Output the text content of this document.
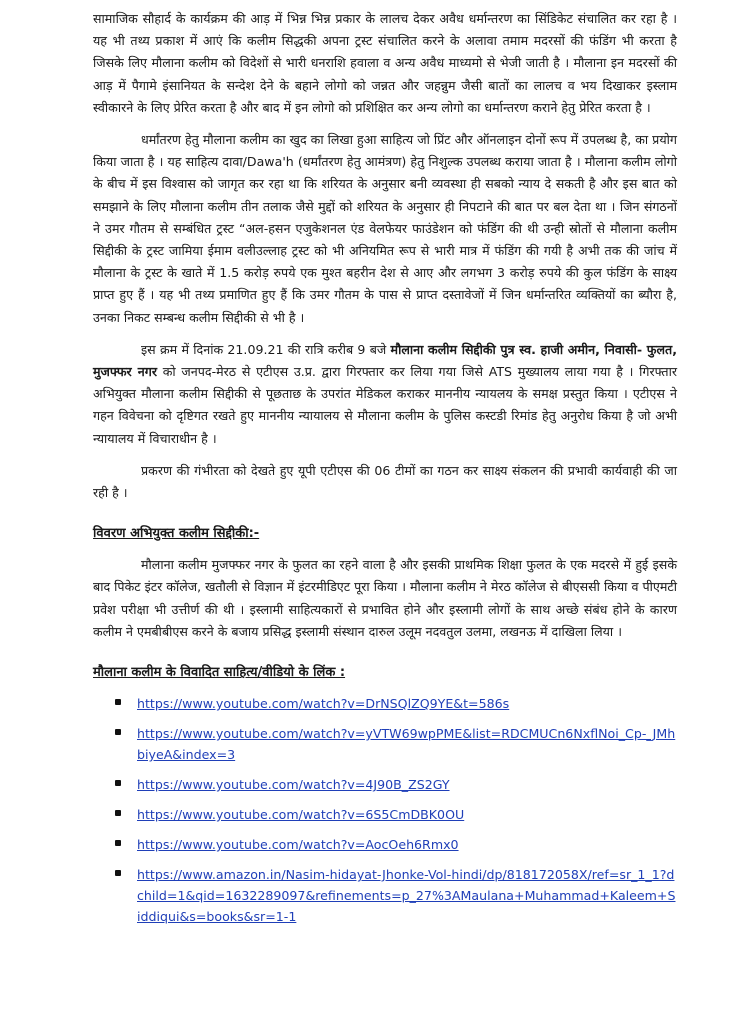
सामाजिक सौहार्द के कार्यक्रम की आड़ में भिन्न भिन्न प्रकार के लालच देकर अवैध धर्मान्तरण का सिंडिकेट संचालित कर रहा है । यह भी तथ्य प्रकाश में आएं कि कलीम सिद्धकी अपना ट्रस्ट संचालित करने के अलावा तमाम मदरसों की फंडिंग भी करता है जिसके लिए मौलाना कलीम को विदेशों से भारी धनराशि हवाला व अन्य अवैध माध्यमो से भेजी जाती है । मौलाना इन मदरसों की आड़ में पैगामे इंसानियत के सन्देश देने के बहाने लोगो को जन्नत और जहन्नुम जैसी बातों का लालच व भय दिखाकर इस्लाम स्वीकारने के लिए प्रेरित करता है और बाद में इन लोगो को प्रशिक्षित कर अन्य लोगो का धर्मान्तरण कराने हेतु प्रेरित करता है ।

धर्मांतरण हेतु मौलाना कलीम का खुद का लिखा हुआ साहित्य जो प्रिंट और ऑनलाइन दोनों रूप में उपलब्ध है, का प्रयोग किया जाता है । यह साहित्य दावा/Dawa'h (धर्मांतरण हेतु आमंत्रण) हेतु निशुल्क उपलब्ध कराया जाता है । मौलाना कलीम लोगो के बीच में इस विश्वास को जागृत कर रहा था कि शरियत के अनुसार बनी व्यवस्था ही सबको न्याय दे सकती है और इस बात को समझाने के लिए मौलाना कलीम तीन तलाक जैसे मुद्दों को शरियत के अनुसार ही निपटाने की बात पर बल देता था । जिन संगठनों ने उमर गौतम से सम्बंधित ट्रस्ट “अल-हसन एजुकेशनल एंड वेलफेयर फाउंडेशन को फंडिंग की थी उन्ही स्रोतों से मौलाना कलीम सिद्दीकी के ट्रस्ट जामिया ईमाम वलीउल्लाह ट्रस्ट को भी अनियमित रूप से भारी मात्र में फंडिंग की गयी है अभी तक की जांच में मौलाना के ट्रस्ट के खाते में 1.5 करोड़ रुपये एक मुश्त बहरीन देश से आए और लगभग 3 करोड़ रुपये की कुल फंडिंग के साक्ष्य प्राप्त हुए हैं । यह भी तथ्य प्रमाणित हुए हैं कि उमर गौतम के पास से प्राप्त दस्तावेजों में जिन धर्मान्तरित व्यक्तियों का ब्यौरा है, उनका निकट सम्बन्ध कलीम सिद्दीकी से भी है ।

इस क्रम में दिनांक 21.09.21 की रात्रि करीब 9 बजे मौलाना कलीम सिद्दीकी पुत्र स्व. हाजी अमीन, निवासी- फुलत, मुजफ्फर नगर को जनपद-मेरठ से एटीएस उ.प्र. द्वारा गिरफ्तार कर लिया गया जिसे ATS मुख्यालय लाया गया है । गिरफ्तार अभियुक्त मौलाना कलीम सिद्दीकी से पूछताछ के उपरांत मेडिकल कराकर माननीय न्यायलय के समक्ष प्रस्तुत किया । एटीएस ने गहन विवेचना को दृष्टिगत रखते हुए माननीय न्यायालय से मौलाना कलीम के पुलिस कस्टडी रिमांड हेतु अनुरोध किया है जो अभी न्यायालय में विचाराधीन है ।

प्रकरण की गंभीरता को देखते हुए यूपी एटीएस की 06 टीमों का गठन कर साक्ष्य संकलन की प्रभावी कार्यवाही की जा रही है ।

विवरण अभियुक्त कलीम सिद्दीकी:-

मौलाना कलीम मुजफ्फर नगर के फुलत का रहने वाला है और इसकी प्राथमिक शिक्षा फुलत के एक मदरसे में हुई इसके बाद पिकेट इंटर कॉलेज, खतौली से विज्ञान में इंटरमीडिएट पूरा किया । मौलाना कलीम ने मेरठ कॉलेज से बीएससी किया व पीएमटी प्रवेश परीक्षा भी उत्तीर्ण की थी । इस्लामी साहित्यकारों से प्रभावित होने और इस्लामी लोगों के साथ अच्छे संबंध होने के कारण कलीम ने एमबीबीएस करने के बजाय प्रसिद्ध इस्लामी संस्थान दारुल उलूम नदवतुल उलमा, लखनऊ में दाखिला लिया ।

मौलाना कलीम के विवादित साहित्य/वीडियो के लिंक :
https://www.youtube.com/watch?v=DrNSQlZQ9YE&t=586s
https://www.youtube.com/watch?v=yVTW69wpPME&list=RDCMUCn6NxflNoi_Cp-_JMhbiyeA&index=3
https://www.youtube.com/watch?v=4J90B_ZS2GY
https://www.youtube.com/watch?v=6S5CmDBK0OU
https://www.youtube.com/watch?v=AocOeh6Rmx0
https://www.amazon.in/Nasim-hidayat-Jhonke-Vol-hindi/dp/818172058X/ref=sr_1_1?dchild=1&qid=1632289097&refinements=p_27%3AMaulana+Muhammad+Kaleem+Siddiqui&s=books&sr=1-1
